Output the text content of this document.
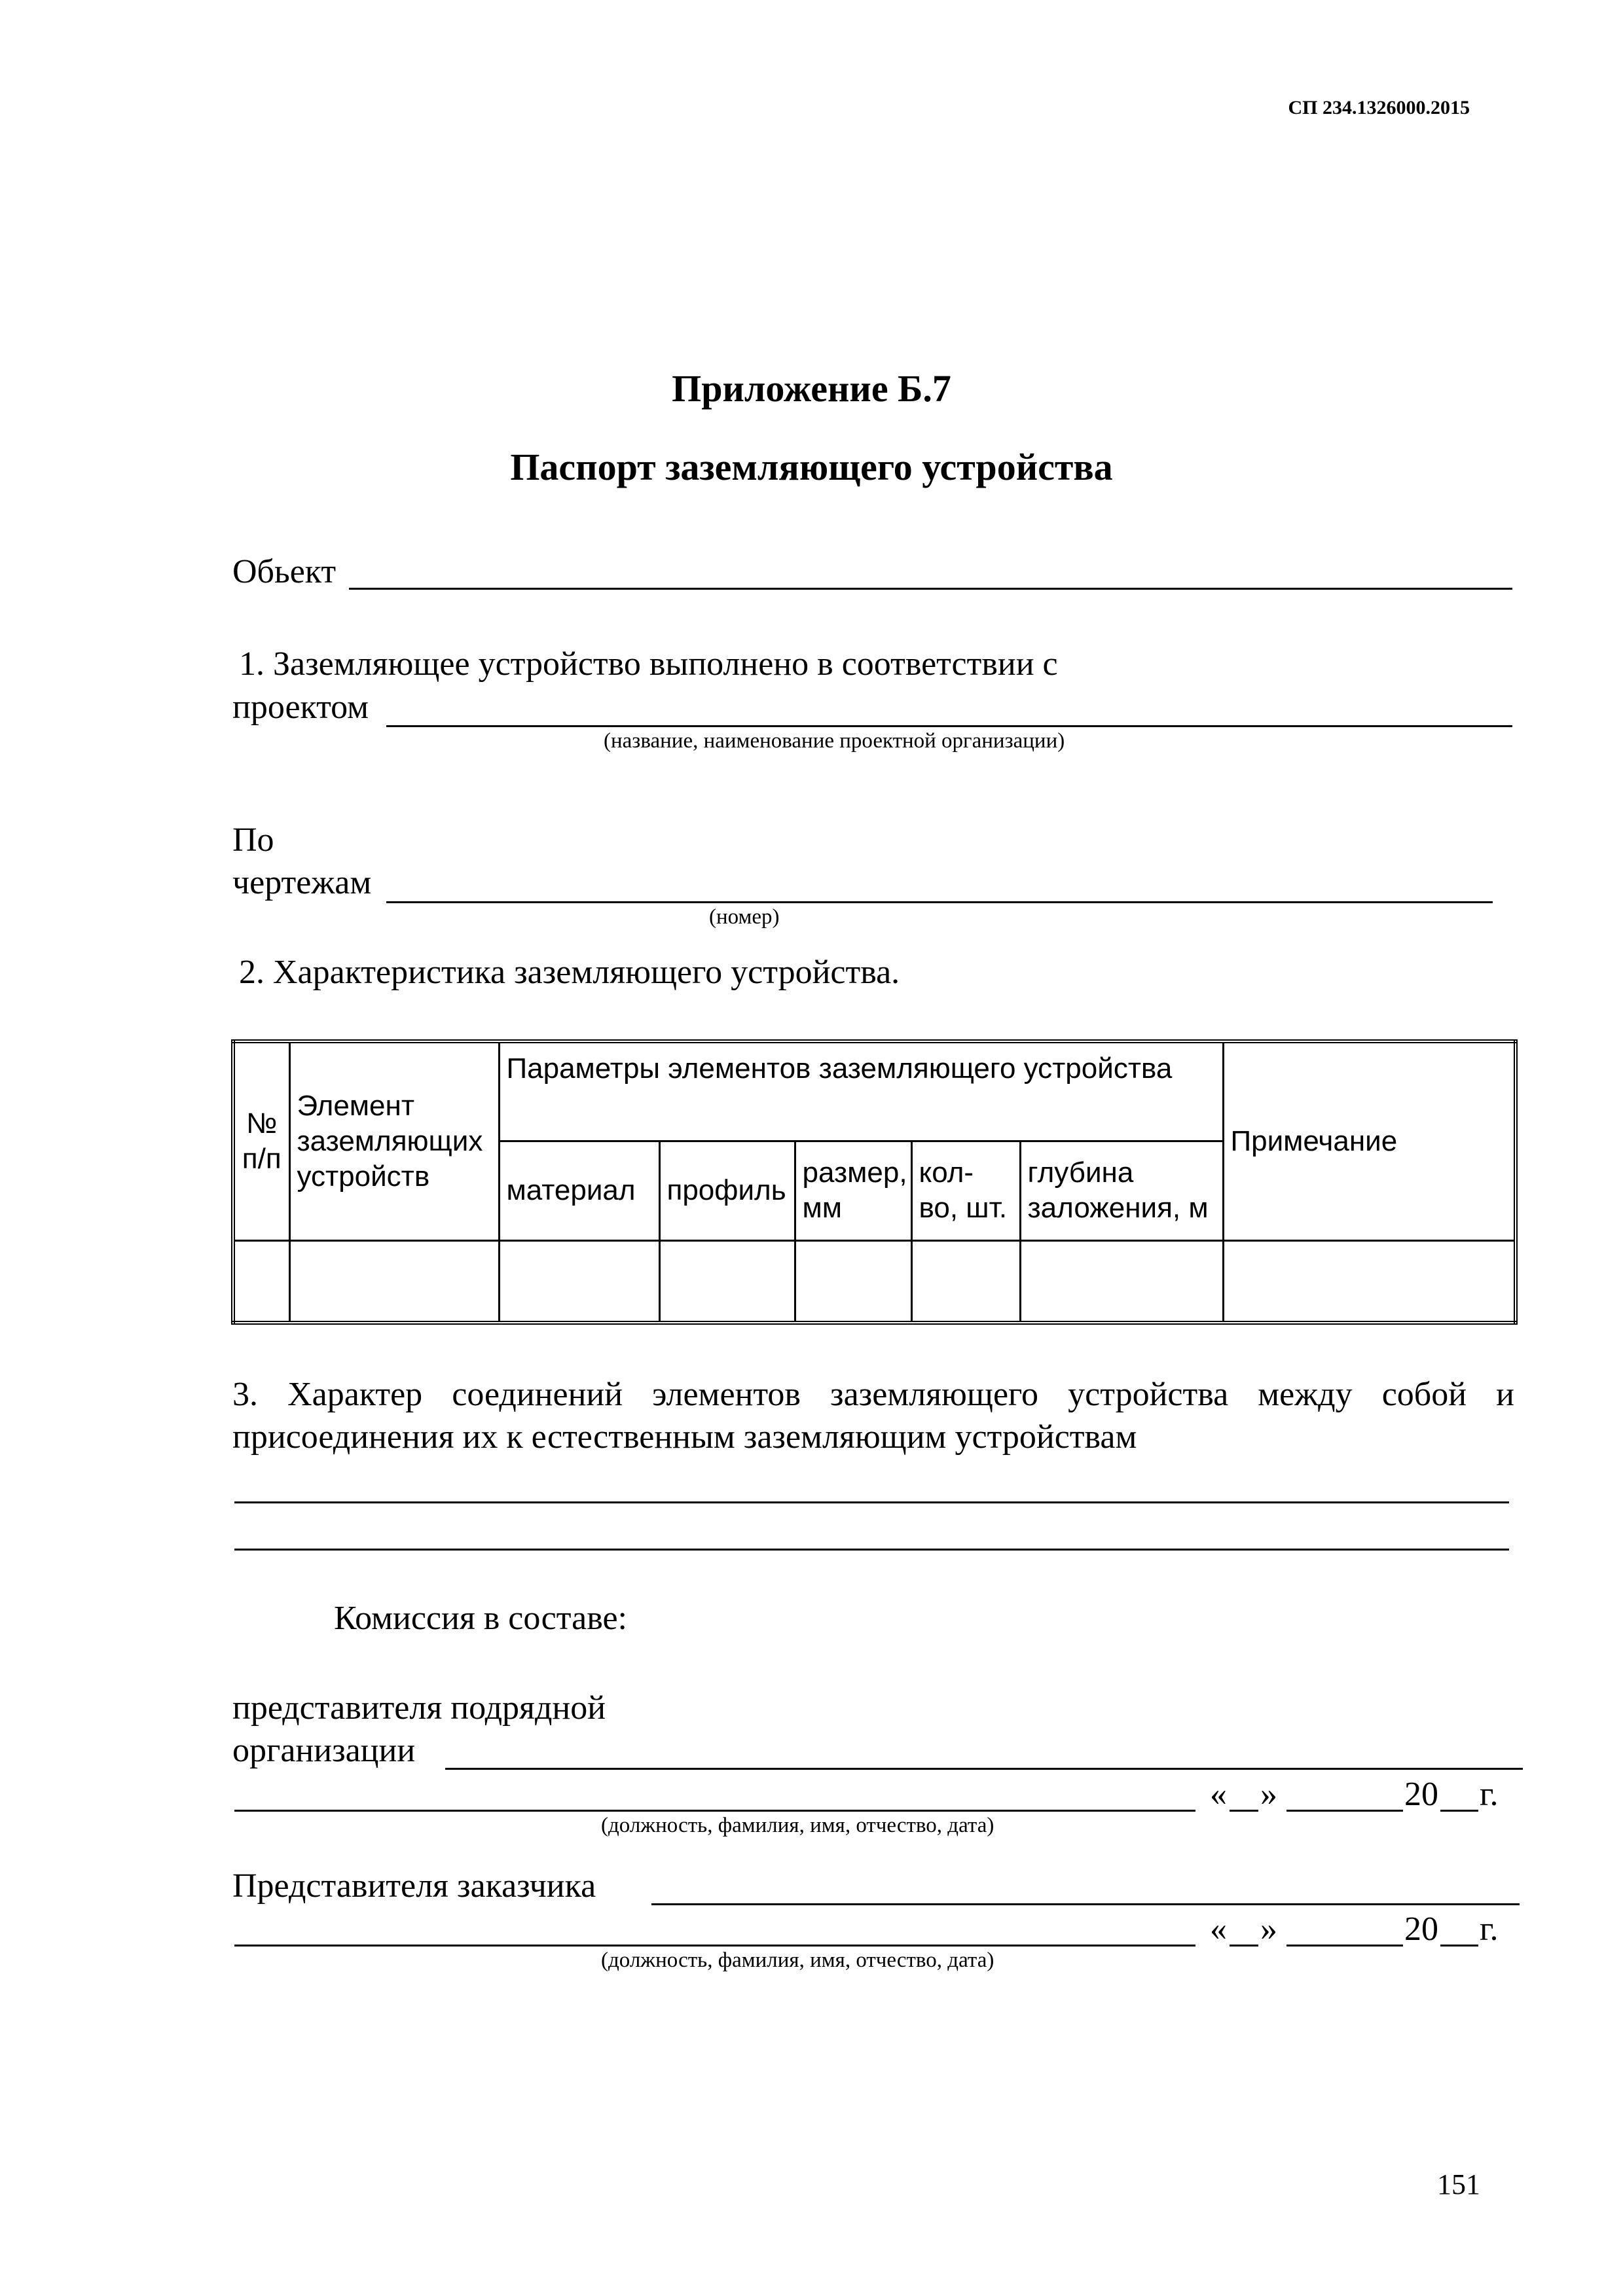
СП 234.1326000.2015
Приложение Б.7
Паспорт заземляющего устройства
Обьект
1. Заземляющее устройство выполнено в соответствии с
проектом
(название, наименование проектной организации)
По
чертежам
(номер)
2. Характеристика заземляющего устройства.
№
п/п	Элемент заземляющих устройств	Параметры элементов заземляющего устройства					Примечание
		материал	профиль	размер, мм	кол-во, шт.	глубина заложения, м	

3. Характер соединений элементов заземляющего устройства между собой и
присоединения их к естественным заземляющим устройствам
Комиссия в составе:
представителя подрядной
организации
« »	20 г.
(должность, фамилия, имя, отчество, дата)
Представителя заказчика
« »	20 г.
(должность, фамилия, имя, отчество, дата)
151
